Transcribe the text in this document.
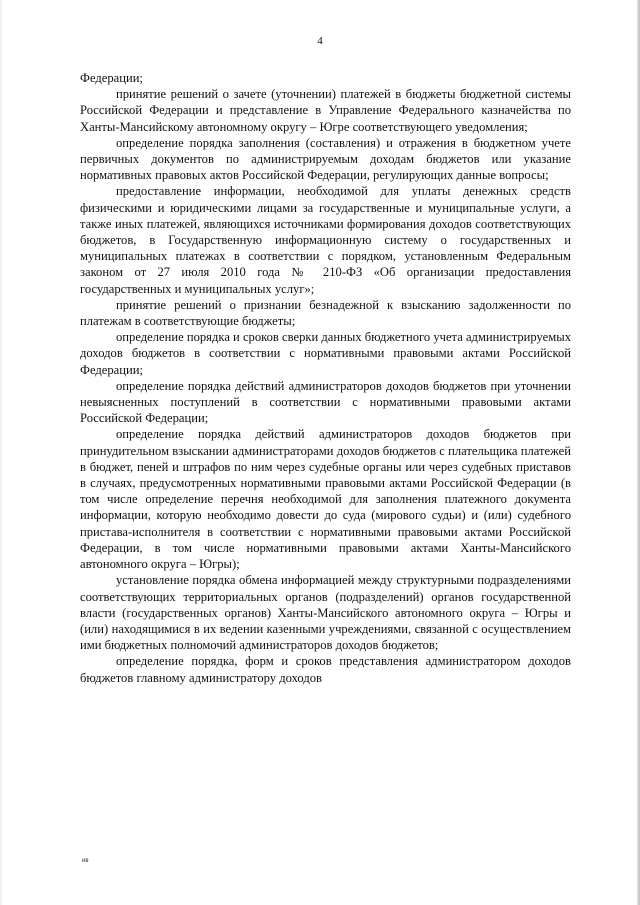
4

Федерации;

принятие решений о зачете (уточнении) платежей в бюджеты бюджетной системы Российской Федерации и представление в Управление Федерального казначейства по Ханты-Мансийскому автономному округу – Югре соответствующего уведомления;

определение порядка заполнения (составления) и отражения в бюджетном учете первичных документов по администрируемым доходам бюджетов или указание нормативных правовых актов Российской Федерации, регулирующих данные вопросы;

предоставление информации, необходимой для уплаты денежных средств физическими и юридическими лицами за государственные и муниципальные услуги, а также иных платежей, являющихся источниками формирования доходов соответствующих бюджетов, в Государственную информационную систему о государственных и муниципальных платежах в соответствии с порядком, установленным Федеральным законом от 27 июля 2010 года № 210-ФЗ «Об организации предоставления государственных и муниципальных услуг»;

принятие решений о признании безнадежной к взысканию задолженности по платежам в соответствующие бюджеты;

определение порядка и сроков сверки данных бюджетного учета администрируемых доходов бюджетов в соответствии с нормативными правовыми актами Российской Федерации;

определение порядка действий администраторов доходов бюджетов при уточнении невыясненных поступлений в соответствии с нормативными правовыми актами Российской Федерации;

определение порядка действий администраторов доходов бюджетов при принудительном взыскании администраторами доходов бюджетов с плательщика платежей в бюджет, пеней и штрафов по ним через судебные органы или через судебных приставов в случаях, предусмотренных нормативными правовыми актами Российской Федерации (в том числе определение перечня необходимой для заполнения платежного документа информации, которую необходимо довести до суда (мирового судьи) и (или) судебного пристава-исполнителя в соответствии с нормативными правовыми актами Российской Федерации, в том числе нормативными правовыми актами Ханты-Мансийского автономного округа – Югры);

установление порядка обмена информацией между структурными подразделениями соответствующих территориальных органов (подразделений) органов государственной власти (государственных органов) Ханты-Мансийского автономного округа – Югры и (или) находящимися в их ведении казенными учреждениями, связанной с осуществлением ими бюджетных полномочий администраторов доходов бюджетов;

определение порядка, форм и сроков представления администратором доходов бюджетов главному администратору доходов

ив
